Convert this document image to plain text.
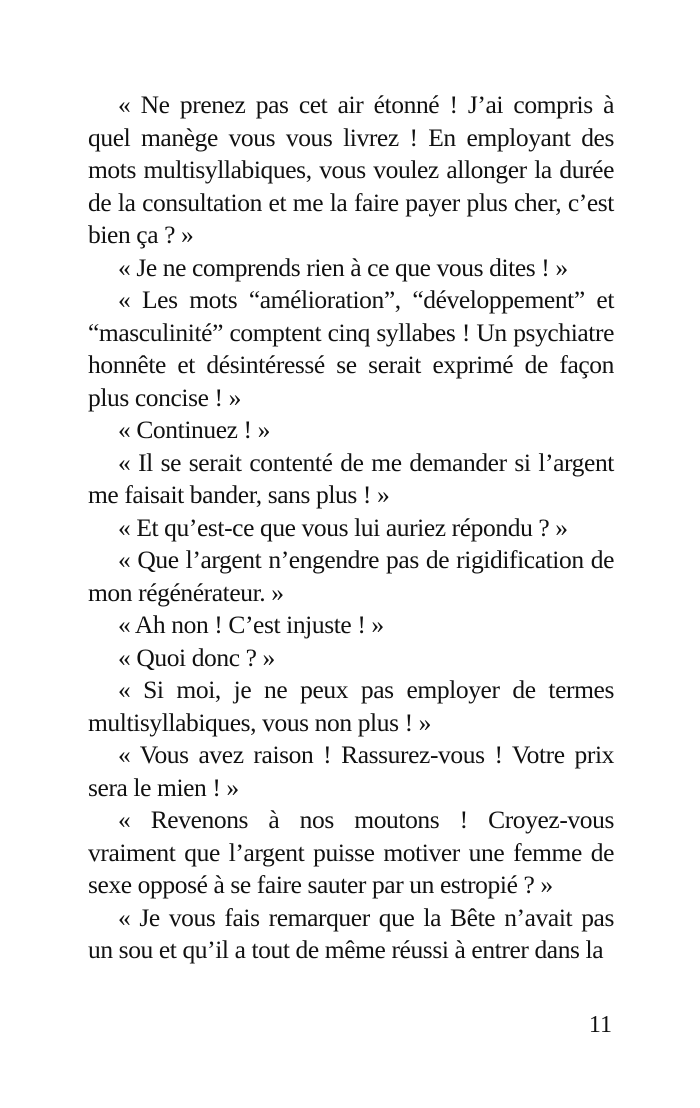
« Ne prenez pas cet air étonné ! J’ai compris à quel manège vous vous livrez ! En employant des mots multisyllabiques, vous voulez allonger la durée de la consultation et me la faire payer plus cher, c’est bien ça ? »

« Je ne comprends rien à ce que vous dites ! »

« Les mots “amélioration”, “développement” et “masculinité” comptent cinq syllabes ! Un psychiatre honnête et désintéressé se serait exprimé de façon plus concise ! »

« Continuez ! »

« Il se serait contenté de me demander si l’argent me faisait bander, sans plus ! »

« Et qu’est-ce que vous lui auriez répondu ? »

« Que l’argent n’engendre pas de rigidification de mon régénérateur. »

« Ah non ! C’est injuste ! »

« Quoi donc ? »

« Si moi, je ne peux pas employer de termes multisyllabiques, vous non plus ! »

« Vous avez raison ! Rassurez-vous ! Votre prix sera le mien ! »

« Revenons à nos moutons ! Croyez-vous vraiment que l’argent puisse motiver une femme de sexe opposé à se faire sauter par un estropié ? »

« Je vous fais remarquer que la Bête n’avait pas un sou et qu’il a tout de même réussi à entrer dans la

11
